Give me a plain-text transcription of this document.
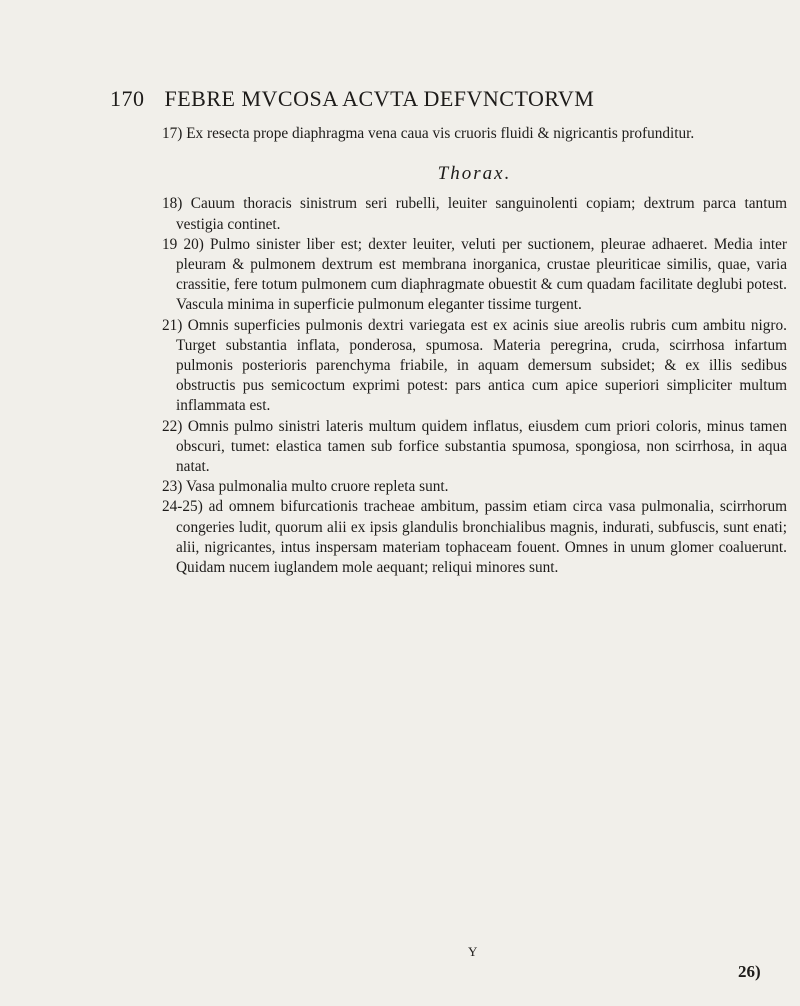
170 FEBRE MVCOSA ACVTA DEFVNCTORVM
17) Ex resecta prope diaphragma vena caua vis cruoris fluidi & nigricantis profunditur.
Thorax.
18) Cauum thoracis sinistrum seri rubelli, leuiter sanguinolenti copiam; dextrum parca tantum vestigia continet.
19 20) Pulmo sinister liber est; dexter leuiter, veluti per suctionem, pleurae adhaeret. Media inter pleuram & pulmonem dextrum est membrana inorganica, crustae pleuriticae similis, quae, varia crassitie, fere totum pulmonem cum diaphragmate obuestit & cum quadam facilitate deglubi potest. Vascula minima in superficie pulmonum eleganter tissime turgent.
21) Omnis superficies pulmonis dextri variegata est ex acinis siue areolis rubris cum ambitu nigro. Turget substantia inflata, ponderosa, spumosa. Materia peregrina, cruda, scirrhosa infartum pulmonis posterioris parenchyma friabile, in aquam demersum subsidet; & ex illis sedibus obstructis pus semicoctum exprimi potest: pars antica cum apice superiori simpliciter multum inflammata est.
22) Omnis pulmo sinistri lateris multum quidem inflatus, eiusdem cum priori coloris, minus tamen obscuri, tumet: elastica tamen sub forfice substantia spumosa, spongiosa, non scirrhosa, in aqua natat.
23) Vasa pulmonalia multo cruore repleta sunt.
24-25) ad omnem bifurcationis tracheae ambitum, passim etiam circa vasa pulmonalia, scirrhorum congeries ludit, quorum alii ex ipsis glandulis bronchialibus magnis, indurati, subfuscis, sunt enati; alii, nigricantes, intus inspersam materiam tophaceam fouent. Omnes in unum glomer coaluerunt. Quidam nucem iuglandem mole aequant; reliqui minores sunt.
Y
26)
